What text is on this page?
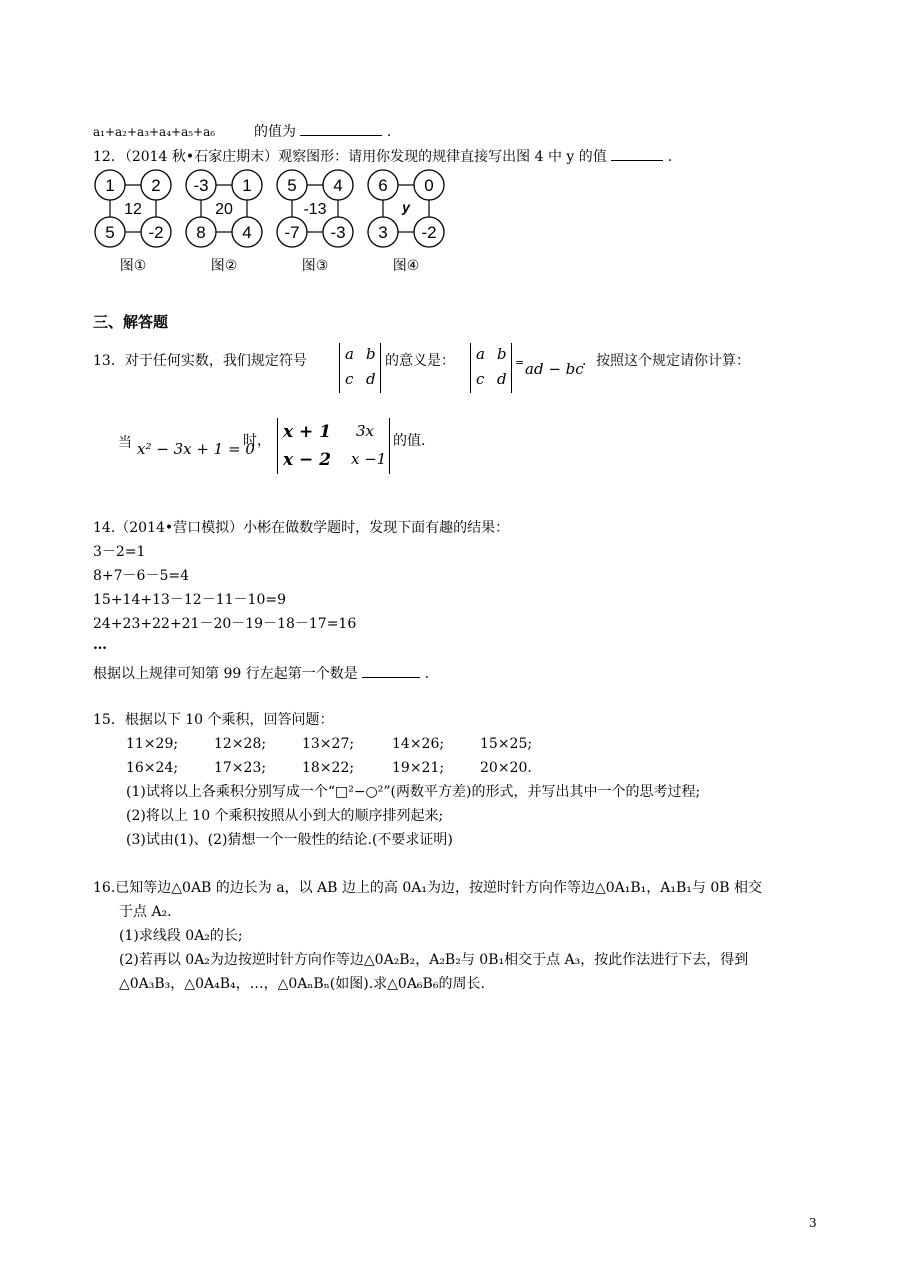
a₁+a₂+a₃+a₄+a₅+a₆	的值为	.
12．（2014 秋•石家庄期末）观察图形：请用你发现的规律直接写出图 4 中 y 的值	.
1 2
5 -2
12
图①
-3 1
8 4
20
图②
5 4
-7 -3
-13
图③
6 0
3 -2
y
图④
三、解答题
13．对于任何实数，我们规定符号	a b
c d
的意义是： a b
c d
= ad − bc
．按照这个规定请你计算：
当 x² − 3x + 1 = 0
时， x + 1 3x
x − 2 x −1
的值.
14.（2014•营口模拟）小彬在做数学题时，发现下面有趣的结果：
3－2=1
8+7－6－5=4
15+14+13－12－11－10=9
24+23+22+21－20－19－18－17=16
…
根据以上规律可知第 99 行左起第一个数是	.
15．根据以下 10 个乘积，回答问题：
11×29;	12×28;	13×27;	14×26;	15×25;
16×24;	17×23;	18×22;	19×21;	20×20.
(1)试将以上各乘积分别写成一个“□²−○²”(两数平方差)的形式，并写出其中一个的思考过程;
(2)将以上 10 个乘积按照从小到大的顺序排列起来;
(3)试由(1)、(2)猜想一个一般性的结论.(不要求证明)
16.已知等边△0AB 的边长为 a，以 AB 边上的高 0A₁为边，按逆时针方向作等边△0A₁B₁，A₁B₁与 0B 相交
于点 A₂.
(1)求线段 0A₂的长;
(2)若再以 0A₂为边按逆时针方向作等边△0A₂B₂，A₂B₂与 0B₁相交于点 A₃，按此作法进行下去，得到
△0A₃B₃，△0A₄B₄，…，△0AₙBₙ(如图).求△0A₆B₆的周长.
3
